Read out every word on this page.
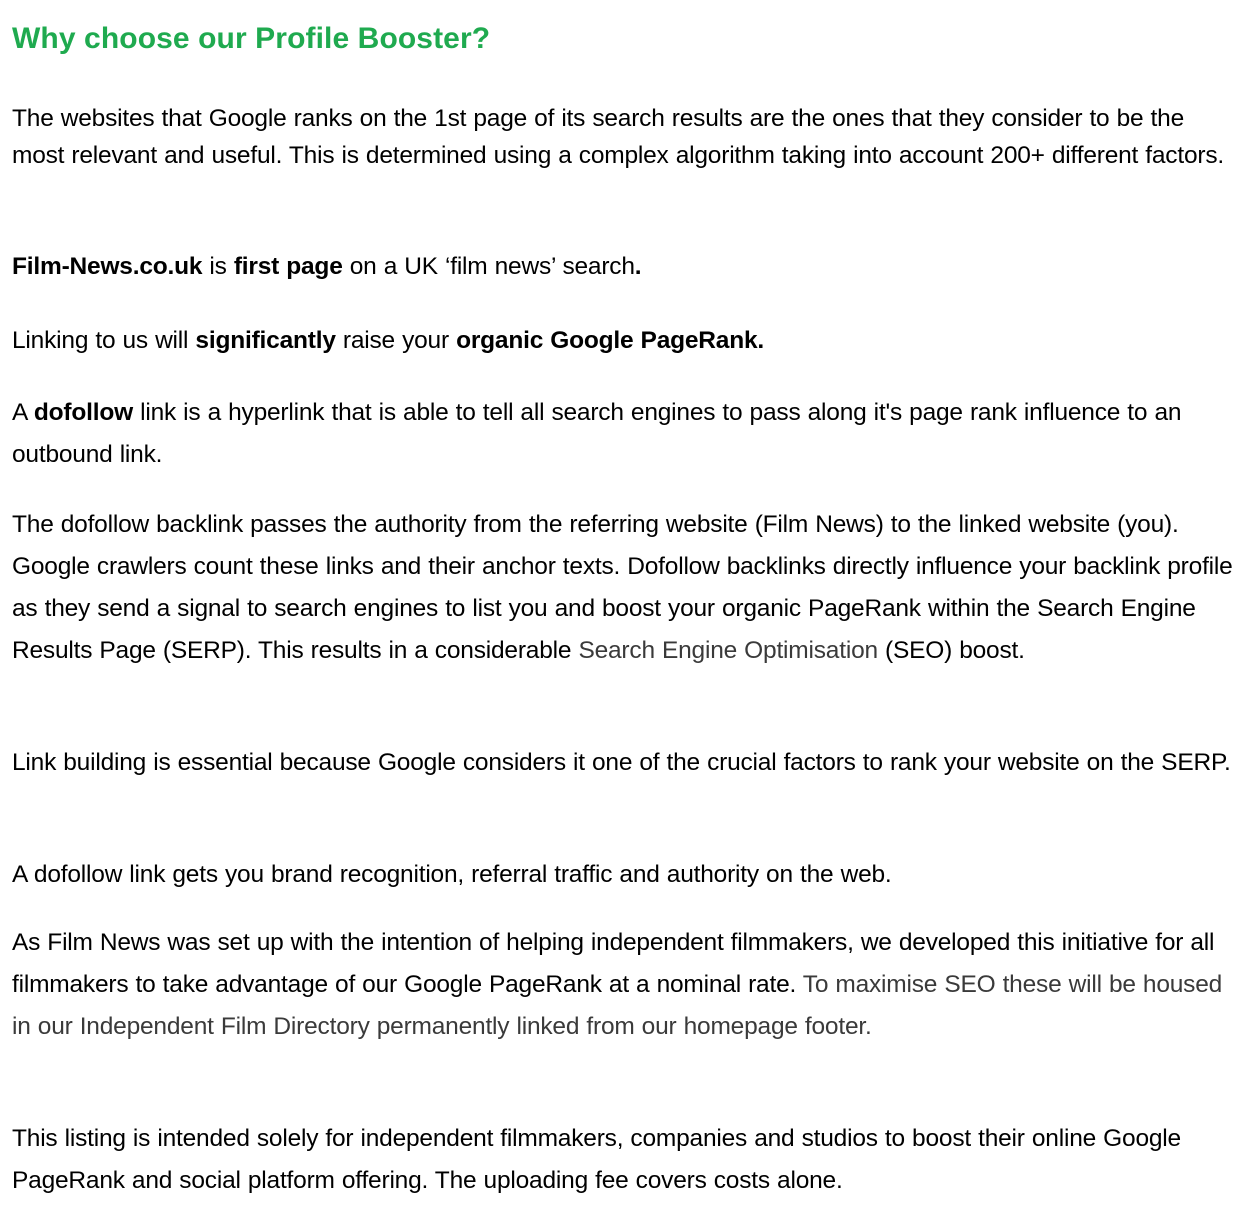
Why choose our Profile Booster?

The websites that Google ranks on the 1st page of its search results are the ones that they consider to be the most relevant and useful. This is determined using a complex algorithm taking into account 200+ different factors.

Film-News.co.uk is first page on a UK ‘film news’ search.

Linking to us will significantly raise your organic Google PageRank.

A dofollow link is a hyperlink that is able to tell all search engines to pass along it's page rank influence to an outbound link.

The dofollow backlink passes the authority from the referring website (Film News) to the linked website (you). Google crawlers count these links and their anchor texts. Dofollow backlinks directly influence your backlink profile as they send a signal to search engines to list you and boost your organic PageRank within the Search Engine Results Page (SERP). This results in a considerable Search Engine Optimisation (SEO) boost.

Link building is essential because Google considers it one of the crucial factors to rank your website on the SERP.

A dofollow link gets you brand recognition, referral traffic and authority on the web.

As Film News was set up with the intention of helping independent filmmakers, we developed this initiative for all filmmakers to take advantage of our Google PageRank at a nominal rate. To maximise SEO these will be housed in our Independent Film Directory permanently linked from our homepage footer.

This listing is intended solely for independent filmmakers, companies and studios to boost their online Google PageRank and social platform offering. The uploading fee covers costs alone.
